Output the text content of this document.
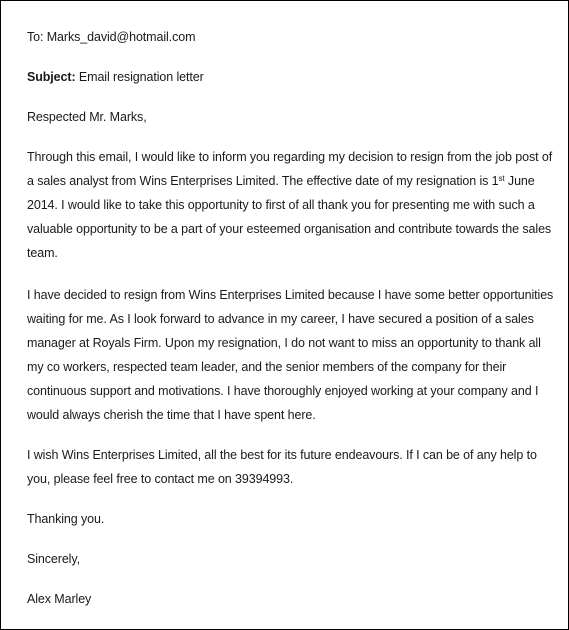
To: Marks_david@hotmail.com
Subject: Email resignation letter
Respected Mr. Marks,
Through this email, I would like to inform you regarding my decision to resign from the job post of
a sales analyst from Wins Enterprises Limited. The effective date of my resignation is 1st June
2014. I would like to take this opportunity to first of all thank you for presenting me with such a
valuable opportunity to be a part of your esteemed organisation and contribute towards the sales
team.
I have decided to resign from Wins Enterprises Limited because I have some better opportunities
waiting for me. As I look forward to advance in my career, I have secured a position of a sales
manager at Royals Firm. Upon my resignation, I do not want to miss an opportunity to thank all
my co workers, respected team leader, and the senior members of the company for their
continuous support and motivations. I have thoroughly enjoyed working at your company and I
would always cherish the time that I have spent here.
I wish Wins Enterprises Limited, all the best for its future endeavours. If I can be of any help to
you, please feel free to contact me on 39394993.
Thanking you.
Sincerely,
Alex Marley
